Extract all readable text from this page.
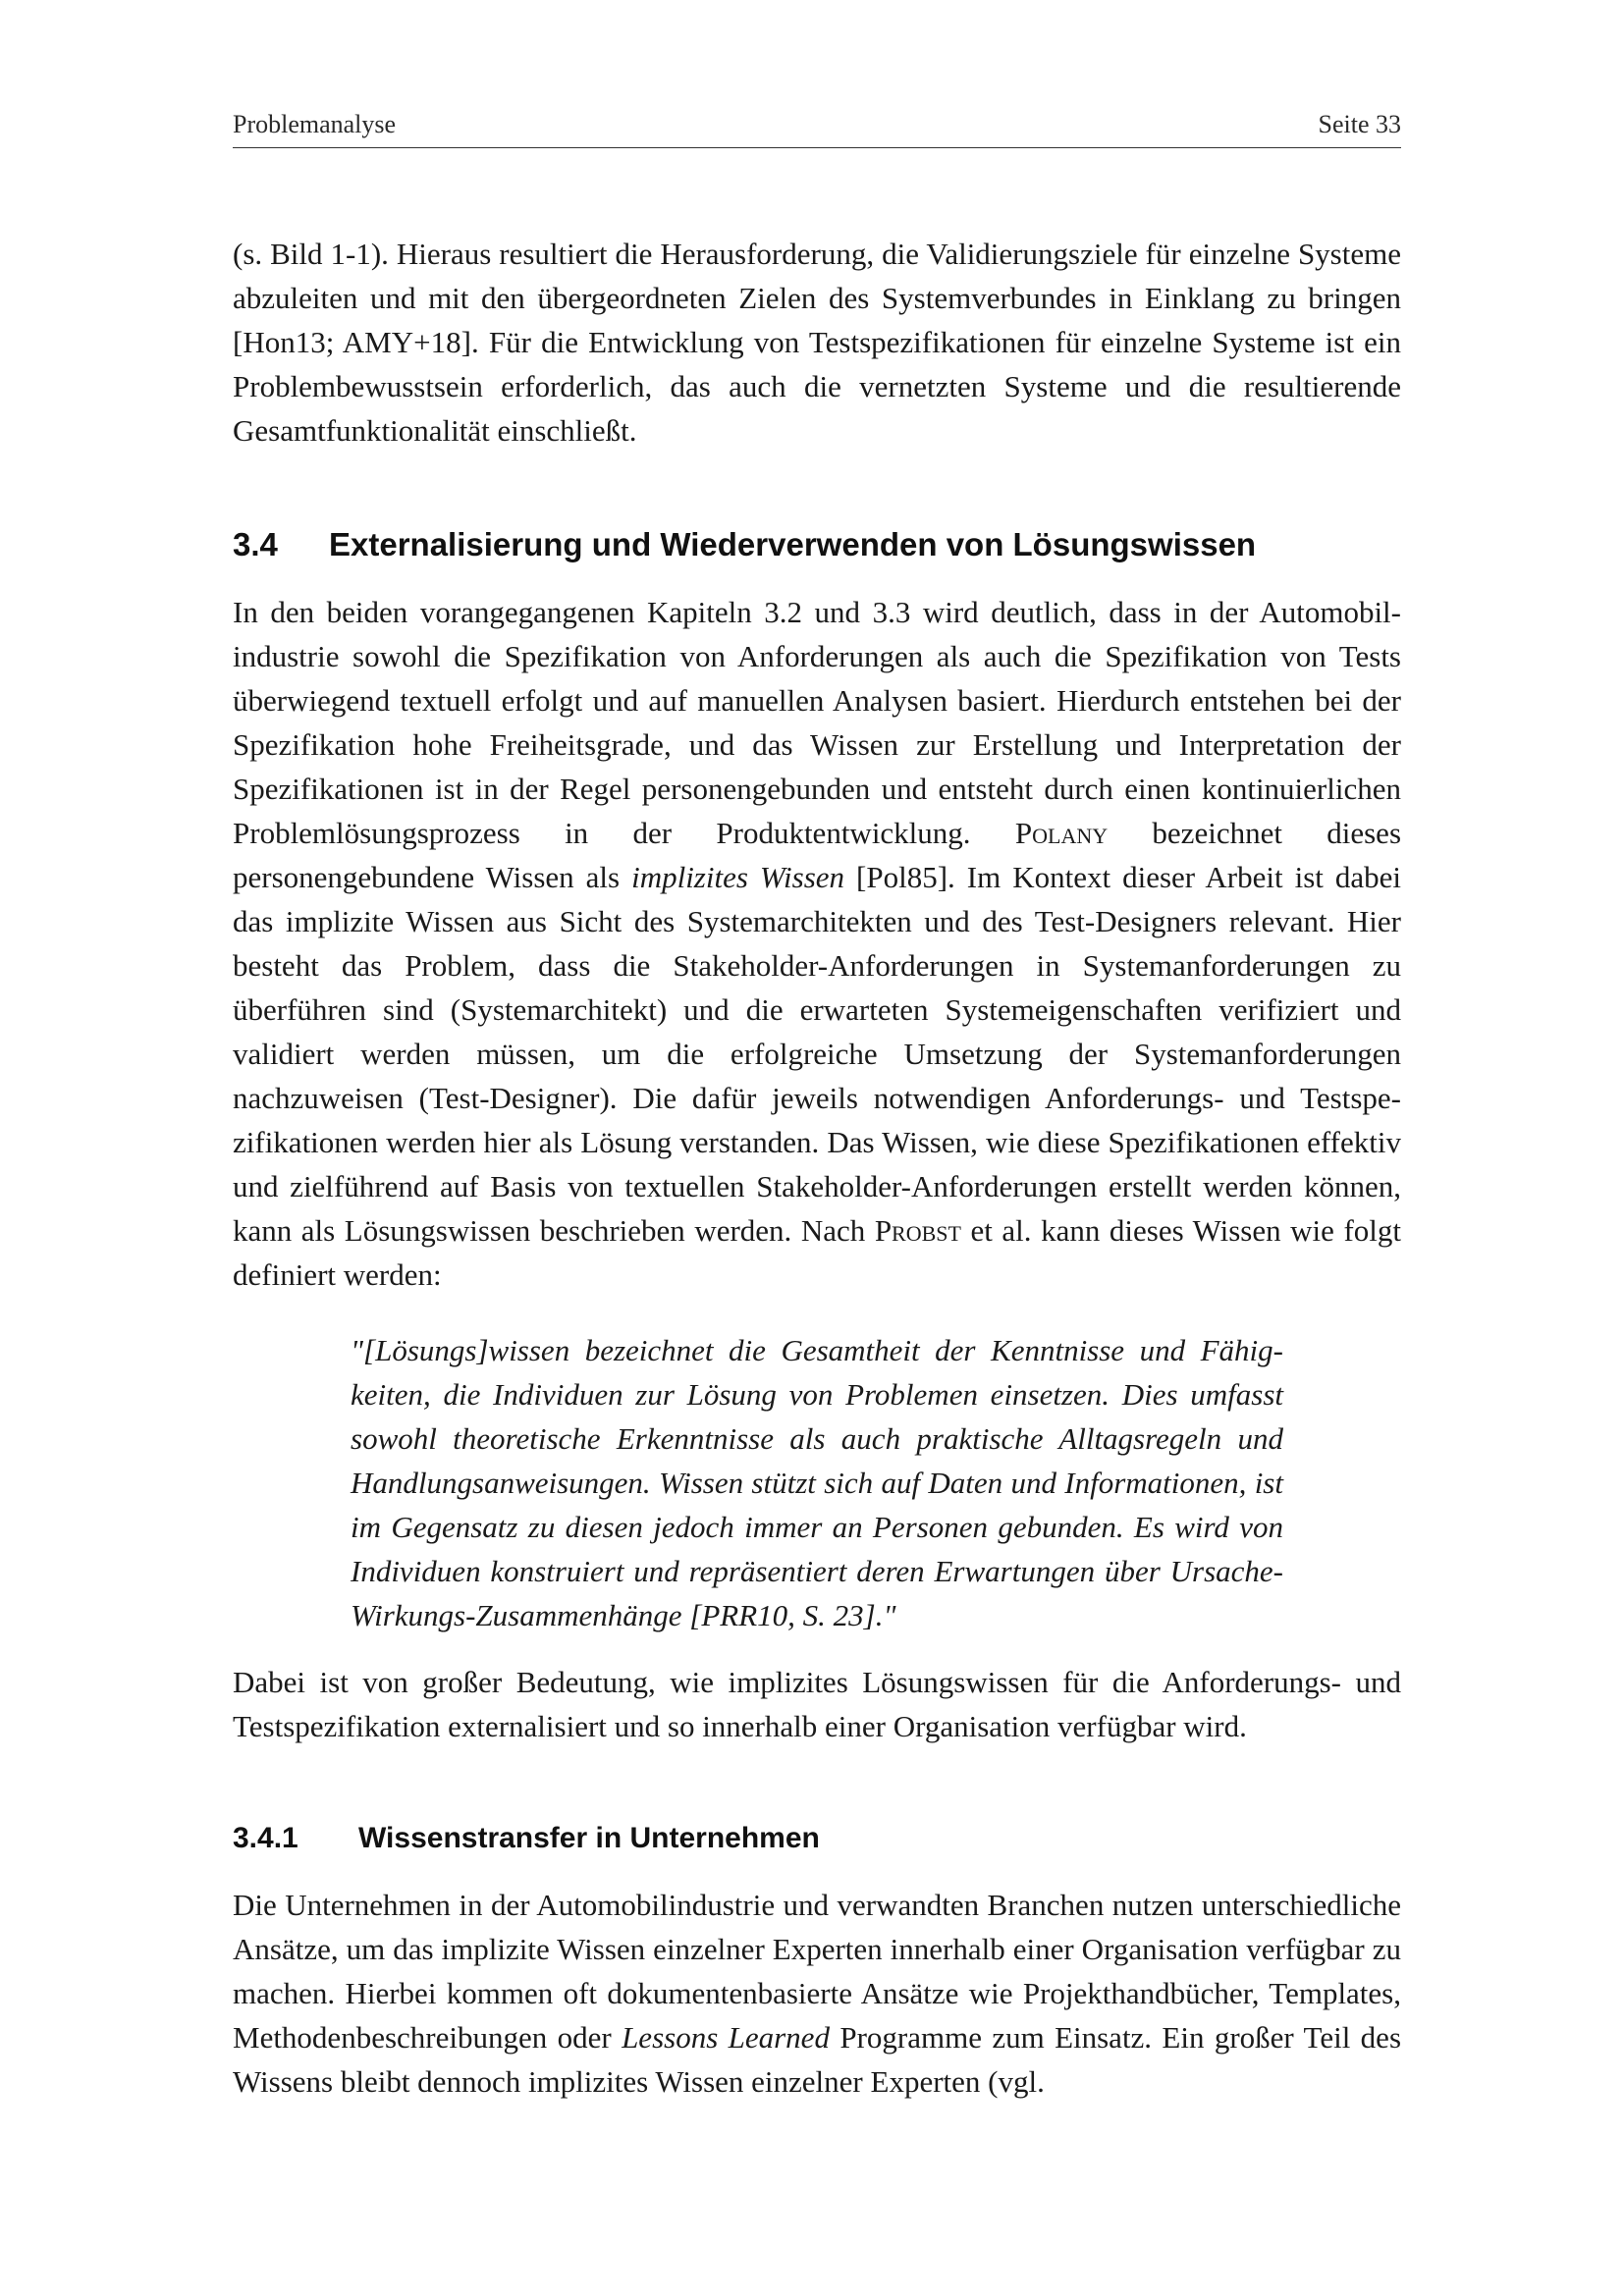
Problemanalyse	Seite 33

(s. Bild 1-1). Hieraus resultiert die Herausforderung, die Validierungsziele für einzelne Systeme abzuleiten und mit den übergeordneten Zielen des Systemverbundes in Einklang zu bringen [Hon13; AMY+18]. Für die Entwicklung von Testspezifikationen für einzelne Systeme ist ein Problembewusstsein erforderlich, das auch die vernetzten Systeme und die resultierende Gesamtfunktionalität einschließt.

3.4 Externalisierung und Wiederverwenden von Lösungswissen

In den beiden vorangegangenen Kapiteln 3.2 und 3.3 wird deutlich, dass in der Automobilindustrie sowohl die Spezifikation von Anforderungen als auch die Spezifikation von Tests überwiegend textuell erfolgt und auf manuellen Analysen basiert. Hierdurch entstehen bei der Spezifikation hohe Freiheitsgrade, und das Wissen zur Erstellung und Interpretation der Spezifikationen ist in der Regel personengebunden und entsteht durch einen kontinuierlichen Problemlösungsprozess in der Produktentwicklung. Polany bezeichnet dieses personengebundene Wissen als implizites Wissen [Pol85]. Im Kontext dieser Arbeit ist dabei das implizite Wissen aus Sicht des Systemarchitekten und des Test-Designers relevant. Hier besteht das Problem, dass die Stakeholder-Anforderungen in Systemanforderungen zu überführen sind (Systemarchitekt) und die erwarteten Systemeigenschaften verifiziert und validiert werden müssen, um die erfolgreiche Umsetzung der Systemanforderungen nachzuweisen (Test-Designer). Die dafür jeweils notwendigen Anforderungs- und Testspezifikationen werden hier als Lösung verstanden. Das Wissen, wie diese Spezifikationen effektiv und zielführend auf Basis von textuellen Stakeholder-Anforderungen erstellt werden können, kann als Lösungswissen beschrieben werden. Nach Probst et al. kann dieses Wissen wie folgt definiert werden:

"[Lösungs]wissen bezeichnet die Gesamtheit der Kenntnisse und Fähigkeiten, die Individuen zur Lösung von Problemen einsetzen. Dies umfasst sowohl theoretische Erkenntnisse als auch praktische Alltagsregeln und Handlungsanweisungen. Wissen stützt sich auf Daten und Informationen, ist im Gegensatz zu diesen jedoch immer an Personen gebunden. Es wird von Individuen konstruiert und repräsentiert deren Erwartungen über Ursache-Wirkungs-Zusammenhänge [PRR10, S. 23]."

Dabei ist von großer Bedeutung, wie implizites Lösungswissen für die Anforderungs- und Testspezifikation externalisiert und so innerhalb einer Organisation verfügbar wird.

3.4.1 Wissenstransfer in Unternehmen

Die Unternehmen in der Automobilindustrie und verwandten Branchen nutzen unterschiedliche Ansätze, um das implizite Wissen einzelner Experten innerhalb einer Organisation verfügbar zu machen. Hierbei kommen oft dokumentenbasierte Ansätze wie Projekthandbücher, Templates, Methodenbeschreibungen oder Lessons Learned Programme zum Einsatz. Ein großer Teil des Wissens bleibt dennoch implizites Wissen einzelner Experten (vgl.
